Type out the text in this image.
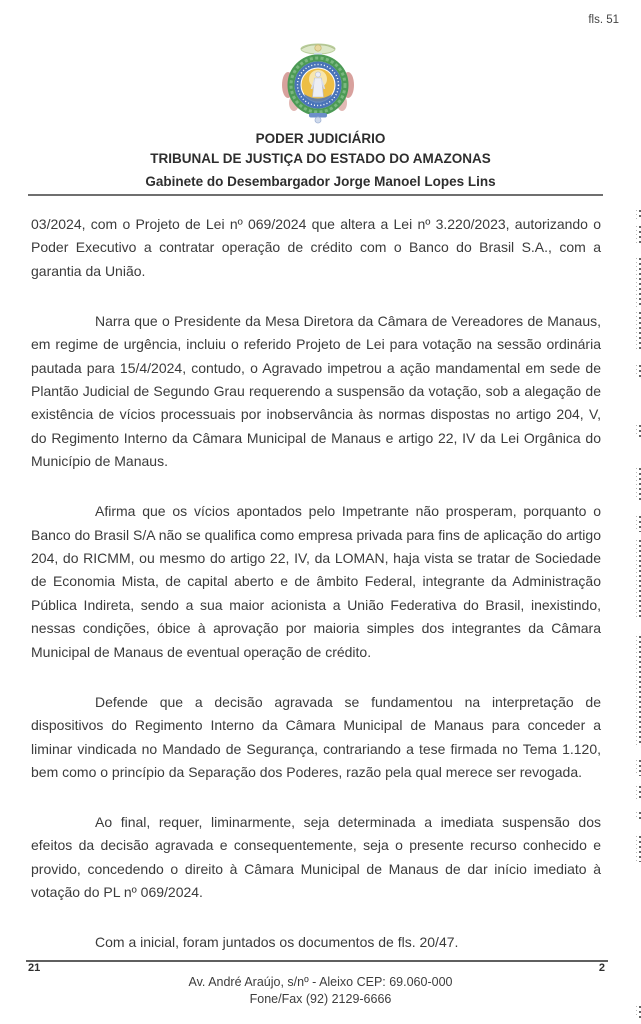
fls. 51
PODER JUDICIÁRIO
TRIBUNAL DE JUSTIÇA DO ESTADO DO AMAZONAS
Gabinete do Desembargador Jorge Manoel Lopes Lins

03/2024, com o Projeto de Lei nº 069/2024 que altera a Lei nº 3.220/2023, autorizando o Poder Executivo a contratar operação de crédito com o Banco do Brasil S.A., com a garantia da União.

Narra que o Presidente da Mesa Diretora da Câmara de Vereadores de Manaus, em regime de urgência, incluiu o referido Projeto de Lei para votação na sessão ordinária pautada para 15/4/2024, contudo, o Agravado impetrou a ação mandamental em sede de Plantão Judicial de Segundo Grau requerendo a suspensão da votação, sob a alegação de existência de vícios processuais por inobservância às normas dispostas no artigo 204, V, do Regimento Interno da Câmara Municipal de Manaus e artigo 22, IV da Lei Orgânica do Município de Manaus.

Afirma que os vícios apontados pelo Impetrante não prosperam, porquanto o Banco do Brasil S/A não se qualifica como empresa privada para fins de aplicação do artigo 204, do RICMM, ou mesmo do artigo 22, IV, da LOMAN, haja vista se tratar de Sociedade de Economia Mista, de capital aberto e de âmbito Federal, integrante da Administração Pública Indireta, sendo a sua maior acionista a União Federativa do Brasil, inexistindo, nessas condições, óbice à aprovação por maioria simples dos integrantes da Câmara Municipal de Manaus de eventual operação de crédito.

Defende que a decisão agravada se fundamentou na interpretação de dispositivos do Regimento Interno da Câmara Municipal de Manaus para conceder a liminar vindicada no Mandado de Segurança, contrariando a tese firmada no Tema 1.120, bem como o princípio da Separação dos Poderes, razão pela qual merece ser revogada.

Ao final, requer, liminarmente, seja determinada a imediata suspensão dos efeitos da decisão agravada e consequentemente, seja o presente recurso conhecido e provido, concedendo o direito à Câmara Municipal de Manaus de dar início imediato à votação do PL nº 069/2024.

Com a inicial, foram juntados os documentos de fls. 20/47.

21	2
Av. André Araújo, s/nº - Aleixo CEP: 69.060-000
Fone/Fax (92) 2129-6666
